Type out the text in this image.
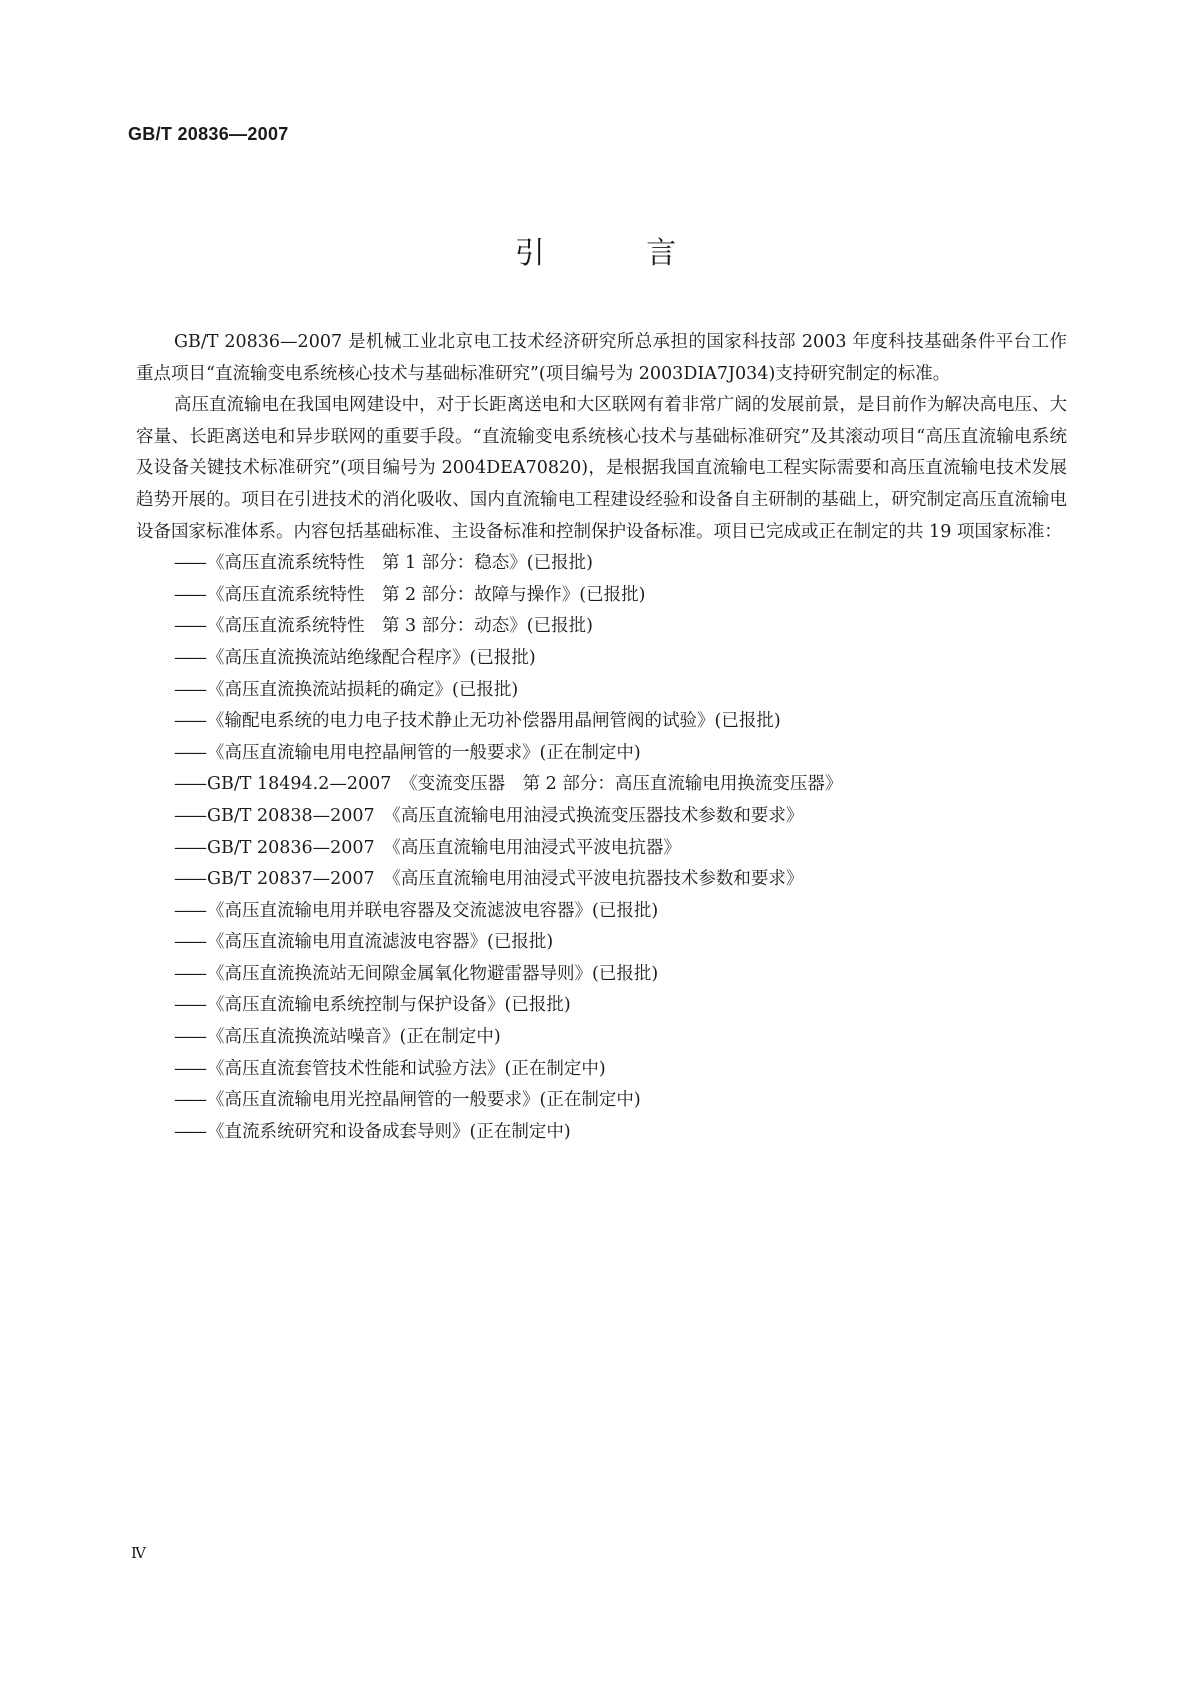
GB/T 20836—2007
引 言

GB/T 20836—2007 是机械工业北京电工技术经济研究所总承担的国家科技部 2003 年度科技基础条件平台工作重点项目“直流输变电系统核心技术与基础标准研究”(项目编号为 2003DIA7J034)支持研究制定的标准。

高压直流输电在我国电网建设中，对于长距离送电和大区联网有着非常广阔的发展前景，是目前作为解决高电压、大容量、长距离送电和异步联网的重要手段。“直流输变电系统核心技术与基础标准研究”及其滚动项目“高压直流输电系统及设备关键技术标准研究”(项目编号为 2004DEA70820)，是根据我国直流输电工程实际需要和高压直流输电技术发展趋势开展的。项目在引进技术的消化吸收、国内直流输电工程建设经验和设备自主研制的基础上，研究制定高压直流输电设备国家标准体系。内容包括基础标准、主设备标准和控制保护设备标准。项目已完成或正在制定的共 19 项国家标准：

—— 《高压直流系统特性　第 1 部分：稳态》(已报批)
—— 《高压直流系统特性　第 2 部分：故障与操作》(已报批)
—— 《高压直流系统特性　第 3 部分：动态》(已报批)
—— 《高压直流换流站绝缘配合程序》(已报批)
—— 《高压直流换流站损耗的确定》(已报批)
—— 《输配电系统的电力电子技术静止无功补偿器用晶闸管阀的试验》(已报批)
—— 《高压直流输电用电控晶闸管的一般要求》(正在制定中)
—— GB/T 18494.2—2007　《变流变压器　第 2 部分：高压直流输电用换流变压器》
—— GB/T 20838—2007　《高压直流输电用油浸式换流变压器技术参数和要求》
—— GB/T 20836—2007　《高压直流输电用油浸式平波电抗器》
—— GB/T 20837—2007　《高压直流输电用油浸式平波电抗器技术参数和要求》
—— 《高压直流输电用并联电容器及交流滤波电容器》(已报批)
—— 《高压直流输电用直流滤波电容器》(已报批)
—— 《高压直流换流站无间隙金属氧化物避雷器导则》(已报批)
—— 《高压直流输电系统控制与保护设备》(已报批)
—— 《高压直流换流站噪音》(正在制定中)
—— 《高压直流套管技术性能和试验方法》(正在制定中)
—— 《高压直流输电用光控晶闸管的一般要求》(正在制定中)
—— 《直流系统研究和设备成套导则》(正在制定中)
Ⅳ
